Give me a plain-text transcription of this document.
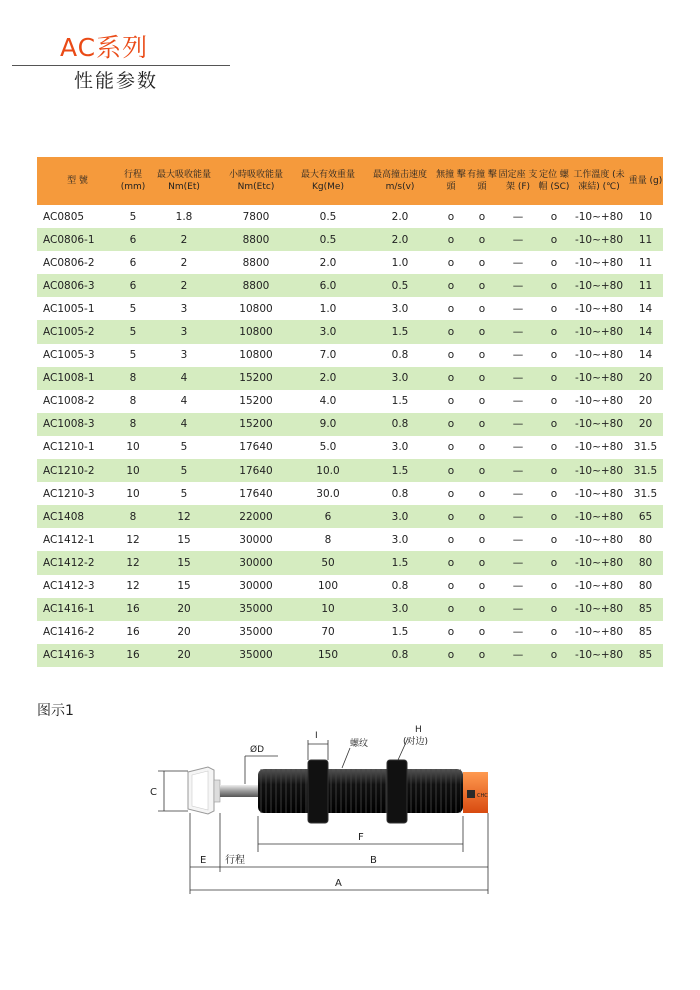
AC系列
性能参数
型 號	行程 (mm)	最大吸收能量 Nm(Et)	小時吸收能量 Nm(Etc)	最大有效重量 Kg(Me)	最高撞击速度 m/s(v)	無撞 擊頭	有撞 擊頭	固定座 支架 (F)	定位 螺帽 (SC)	工作溫度 (未凍結) (℃)	重量 (g)
AC0805	5	1.8	7800	0.5	2.0	o	o	—	o	-10~+80	10
AC0806-1	6	2	8800	0.5	2.0	o	o	—	o	-10~+80	11
AC0806-2	6	2	8800	2.0	1.0	o	o	—	o	-10~+80	11
AC0806-3	6	2	8800	6.0	0.5	o	o	—	o	-10~+80	11
AC1005-1	5	3	10800	1.0	3.0	o	o	—	o	-10~+80	14
AC1005-2	5	3	10800	3.0	1.5	o	o	—	o	-10~+80	14
AC1005-3	5	3	10800	7.0	0.8	o	o	—	o	-10~+80	14
AC1008-1	8	4	15200	2.0	3.0	o	o	—	o	-10~+80	20
AC1008-2	8	4	15200	4.0	1.5	o	o	—	o	-10~+80	20
AC1008-3	8	4	15200	9.0	0.8	o	o	—	o	-10~+80	20
AC1210-1	10	5	17640	5.0	3.0	o	o	—	o	-10~+80	31.5
AC1210-2	10	5	17640	10.0	1.5	o	o	—	o	-10~+80	31.5
AC1210-3	10	5	17640	30.0	0.8	o	o	—	o	-10~+80	31.5
AC1408	8	12	22000	6	3.0	o	o	—	o	-10~+80	65
AC1412-1	12	15	30000	8	3.0	o	o	—	o	-10~+80	80
AC1412-2	12	15	30000	50	1.5	o	o	—	o	-10~+80	80
AC1412-3	12	15	30000	100	0.8	o	o	—	o	-10~+80	80
AC1416-1	16	20	35000	10	3.0	o	o	—	o	-10~+80	85
AC1416-2	16	20	35000	70	1.5	o	o	—	o	-10~+80	85
AC1416-3	16	20	35000	150	0.8	o	o	—	o	-10~+80	85
图示1
CHC
C
ØD
I
螺纹
H
(对边)
F
E 行程	B
A
